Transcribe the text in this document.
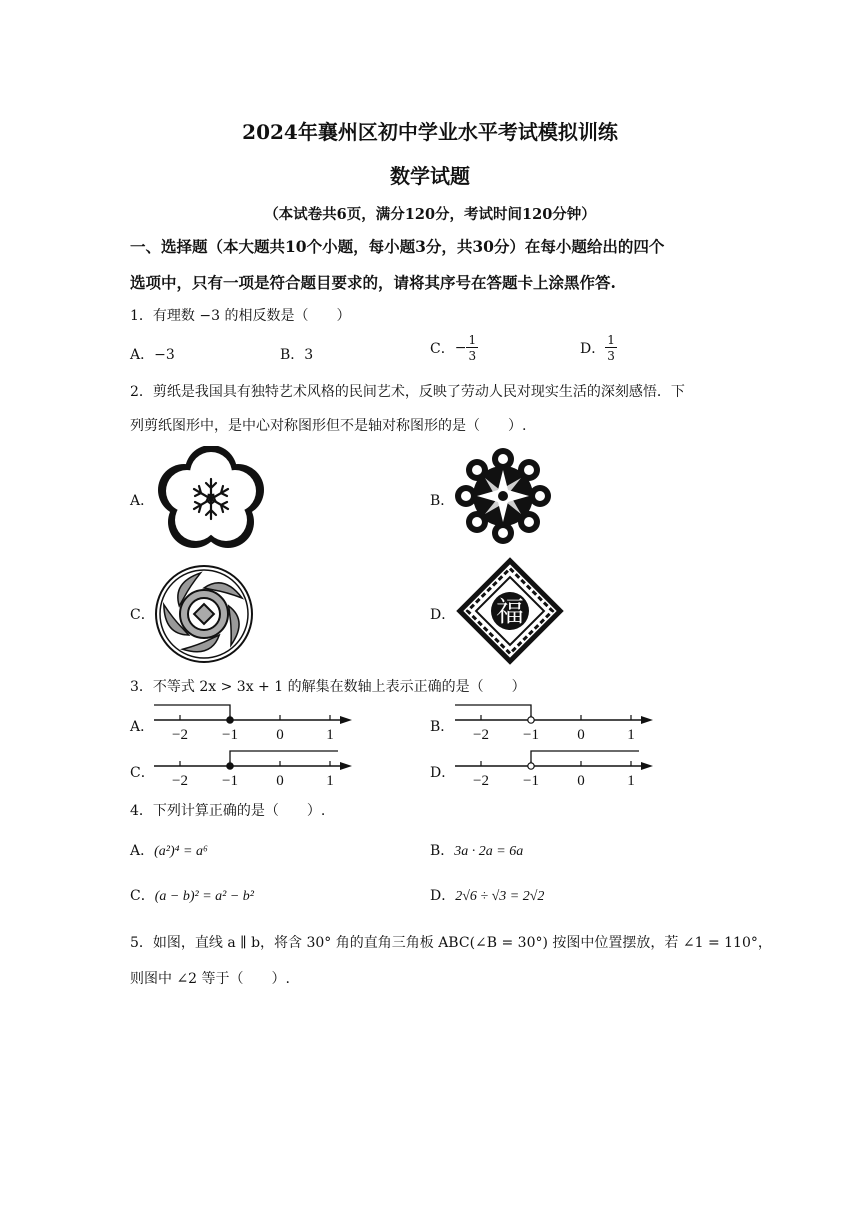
2024年襄州区初中学业水平考试模拟训练
数学试题
（本试卷共6页，满分120分，考试时间120分钟）
一、选择题（本大题共10个小题，每小题3分，共30分）在每小题给出的四个
选项中，只有一项是符合题目要求的，请将其序号在答题卡上涂黑作答.
1．有理数 −3 的相反数是（　　）
A．−3	B．3	C．− $\frac{1}{3}$	D． $\frac{1}{3}$
2．剪纸是我国具有独特艺术风格的民间艺术，反映了劳动人民对现实生活的深刻感悟．下
列剪纸图形中，是中心对称图形但不是轴对称图形的是（　　）.
A．	B．
C．	D． 福
3．不等式 2x > 3x + 1 的解集在数轴上表示正确的是（　　）
A．	B．
C．	D．
−2 −1	0	1	−2 −1	0	1
−2 −1	0	1	−2 −1	0	1
4．下列计算正确的是（　　）.
A．(a²)⁴ = a⁶	B．3a · 2a = 6a
C．(a − b)² = a² − b²	D．2√6 ÷ √3 = 2√2
5．如图，直线 a ∥ b，将含 30° 角的直角三角板 ABC(∠B = 30°) 按图中位置摆放，若 ∠1 = 110°，
则图中 ∠2 等于（　　）.
